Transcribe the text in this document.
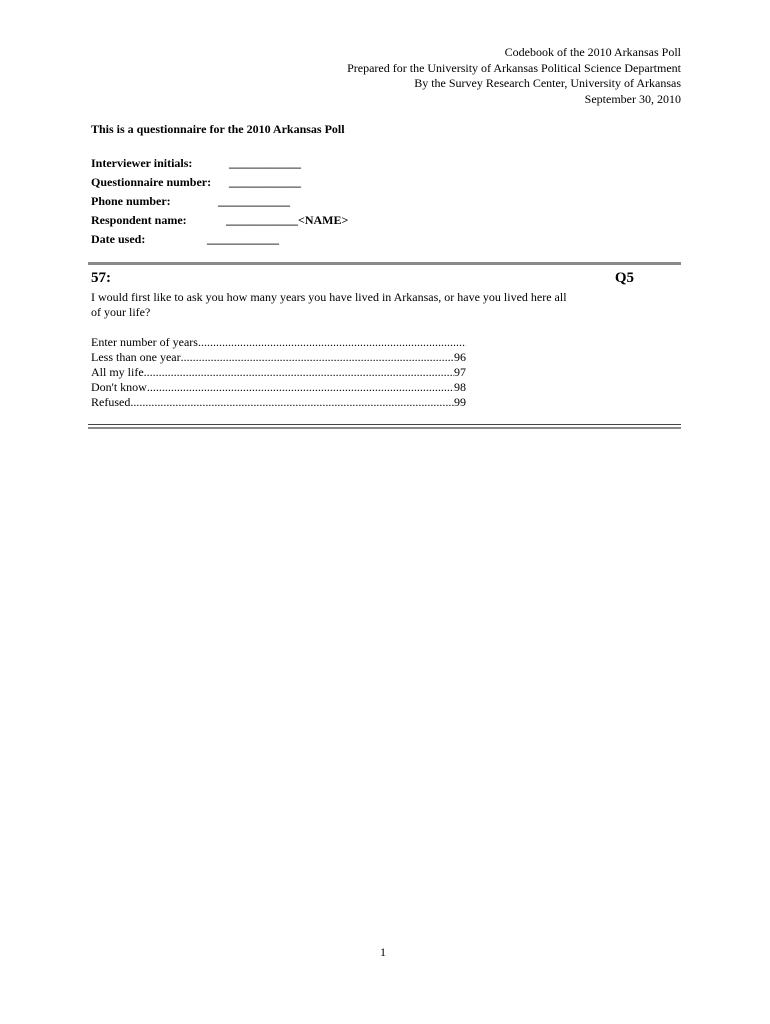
Codebook of the 2010 Arkansas Poll
Prepared for the University of Arkansas Political Science Department
By the Survey Research Center, University of Arkansas
September 30, 2010
This is a questionnaire for the 2010 Arkansas Poll
Interviewer initials:	____________
Questionnaire number: ____________
Phone number:	____________
Respondent name:	____________<NAME>
Date used:	____________
57:	Q5
I would first like to ask you how many years you have lived in Arkansas, or have you lived here all of your life?
Enter number of years
.....
Less than one year .....	96
All my life .....	97
Don't know .....	98
Refused .....	99
1
